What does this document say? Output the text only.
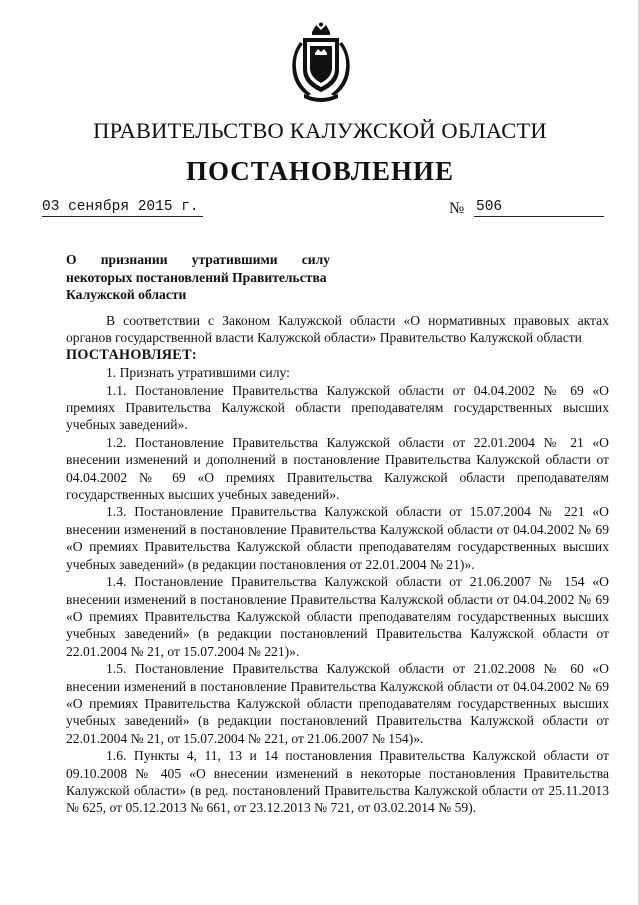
ПРАВИТЕЛЬСТВО КАЛУЖСКОЙ ОБЛАСТИ
ПОСТАНОВЛЕНИЕ
03 сенября 2015 г.	№ 506
О признании утратившими силу
некоторых постановлений Правительства
Калужской области

В соответствии с Законом Калужской области «О нормативных правовых актах органов государственной власти Калужской области» Правительство Калужской области

ПОСТАНОВЛЯЕТ:

1. Признать утратившими силу:

1.1. Постановление Правительства Калужской области от 04.04.2002 № 69 «О премиях Правительства Калужской области преподавателям государственных высших учебных заведений».

1.2. Постановление Правительства Калужской области от 22.01.2004 № 21 «О внесении изменений и дополнений в постановление Правительства Калужской области от 04.04.2002 № 69 «О премиях Правительства Калужской области преподавателям государственных высших учебных заведений».

1.3. Постановление Правительства Калужской области от 15.07.2004 № 221 «О внесении изменений в постановление Правительства Калужской области от 04.04.2002 № 69 «О премиях Правительства Калужской области преподавателям государственных высших учебных заведений» (в редакции постановления от 22.01.2004 № 21)».

1.4. Постановление Правительства Калужской области от 21.06.2007 № 154 «О внесении изменений в постановление Правительства Калужской области от 04.04.2002 № 69 «О премиях Правительства Калужской области преподавателям государственных высших учебных заведений» (в редакции постановлений Правительства Калужской области от 22.01.2004 № 21, от 15.07.2004 № 221)».

1.5. Постановление Правительства Калужской области от 21.02.2008 № 60 «О внесении изменений в постановление Правительства Калужской области от 04.04.2002 № 69 «О премиях Правительства Калужской области преподавателям государственных высших учебных заведений» (в редакции постановлений Правительства Калужской области от 22.01.2004 № 21, от 15.07.2004 № 221, от 21.06.2007 № 154)».

1.6. Пункты 4, 11, 13 и 14 постановления Правительства Калужской области от 09.10.2008 № 405 «О внесении изменений в некоторые постановления Правительства Калужской области» (в ред. постановлений Правительства Калужской области от 25.11.2013 № 625, от 05.12.2013 № 661, от 23.12.2013 № 721, от 03.02.2014 № 59).
